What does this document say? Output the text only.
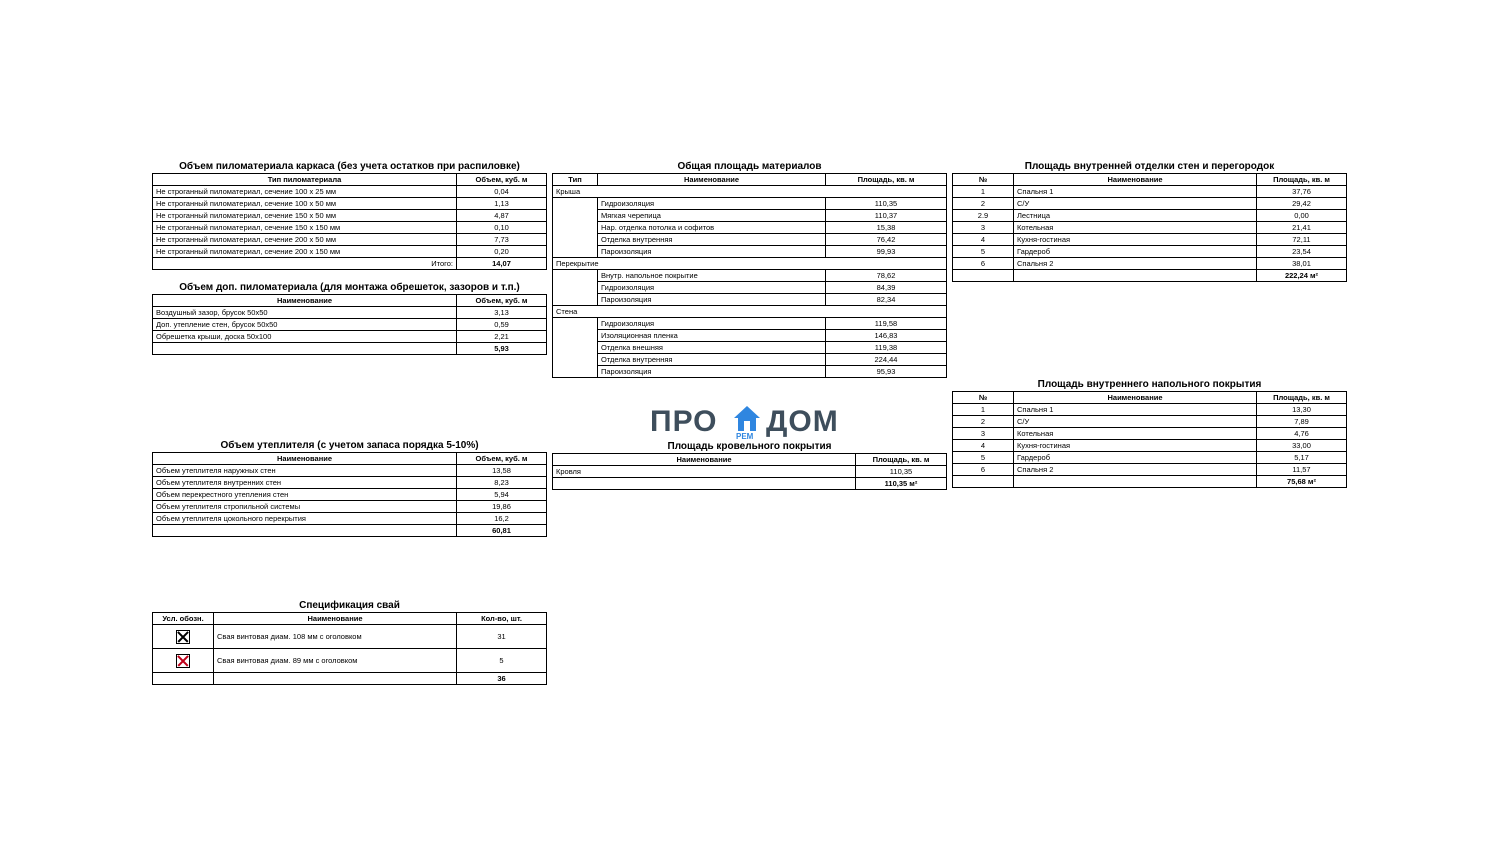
Объем пиломатериала каркаса (без учета остатков при распиловке)
Тип пиломатериала	Объем, куб. м
Не строганный пиломатериал, сечение 100 х 25 мм	0,04
Не строганный пиломатериал, сечение 100 х 50 мм	1,13
Не строганный пиломатериал, сечение 150 х 50 мм	4,87
Не строганный пиломатериал, сечение 150 х 150 мм	0,10
Не строганный пиломатериал, сечение 200 х 50 мм	7,73
Не строганный пиломатериал, сечение 200 х 150 мм	0,20
Итого:	14,07
Объем доп. пиломатериала (для монтажа обрешеток, зазоров и т.п.)
Наименование	Объем, куб. м
Воздушный зазор, брусок 50х50	3,13
Доп. утепление стен, брусок 50х50	0,59
Обрешетка крыши, доска 50х100	2,21
	5,93
Объем утеплителя (с учетом запаса порядка 5-10%)
Наименование	Объем, куб. м
Объем утеплителя наружных стен	13,58
Объем утеплителя внутренних стен	8,23
Объем перекрестного утепления стен	5,94
Объем утеплителя стропильной системы	19,86
Объем утеплителя цокольного перекрытия	16,2
	60,81
Спецификация свай
Усл. обозн.	Наименование	Кол-во, шт.
	Свая винтовая диам. 108 мм с оголовком	31
	Свая винтовая диам. 89 мм с оголовком	5
		36
Общая площадь материалов
Тип	Наименование	Площадь, кв. м
Крыша		
	Гидроизоляция	110,35
	Мягкая черепица	110,37
	Нар. отделка потолка и софитов	15,38
	Отделка внутренняя	76,42
	Пароизоляция	99,93
Перекрытие		
	Внутр. напольное покрытие	78,62
	Гидроизоляция	84,39
	Пароизоляция	82,34
Стена		
	Гидроизоляция	119,58
	Изоляционная пленка	146,83
	Отделка внешняя	119,38
	Отделка внутренняя	224,44
	Пароизоляция	95,93
ПРО РЕМ ДОМ
Площадь кровельного покрытия
Наименование	Площадь, кв. м
Кровля	110,35
	110,35 м²
Площадь внутренней отделки стен и перегородок
№	Наименование	Площадь, кв. м
1	Спальня 1	37,76
2	С/У	29,42
2.9	Лестница	0,00
3	Котельная	21,41
4	Кухня-гостиная	72,11
5	Гардероб	23,54
6	Спальня 2	38,01
		222,24 м²
Площадь внутреннего напольного покрытия
№	Наименование	Площадь, кв. м
1	Спальня 1	13,30
2	С/У	7,89
3	Котельная	4,76
4	Кухня-гостиная	33,00
5	Гардероб	5,17
6	Спальня 2	11,57
		75,68 м²
